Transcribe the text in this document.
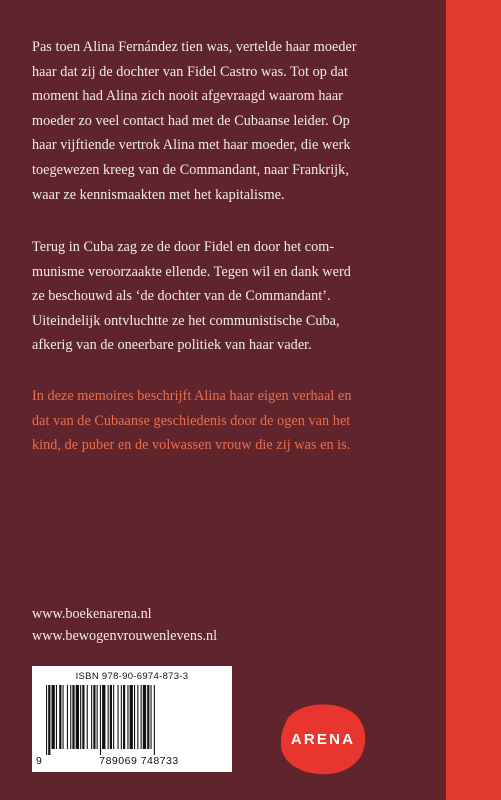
Pas toen Alina Fernández tien was, vertelde haar moeder
haar dat zij de dochter van Fidel Castro was. Tot op dat
moment had Alina zich nooit afgevraagd waarom haar
moeder zo veel contact had met de Cubaanse leider. Op
haar vijftiende vertrok Alina met haar moeder, die werk
toegewezen kreeg van de Commandant, naar Frankrijk,
waar ze kennismaakten met het kapitalisme.

Terug in Cuba zag ze de door Fidel en door het com-
munisme veroorzaakte ellende. Tegen wil en dank werd
ze beschouwd als ‘de dochter van de Commandant’.
Uiteindelijk ontvluchtte ze het communistische Cuba,
afkerig van de oneerbare politiek van haar vader.

In deze memoires beschrijft Alina haar eigen verhaal en
dat van de Cubaanse geschiedenis door de ogen van het
kind, de puber en de volwassen vrouw die zij was en is.

www.boekenarena.nl
www.bewogenvrouwenlevens.nl
ISBN 978-90-6974-873-3
9	789069 748733
ARENA
